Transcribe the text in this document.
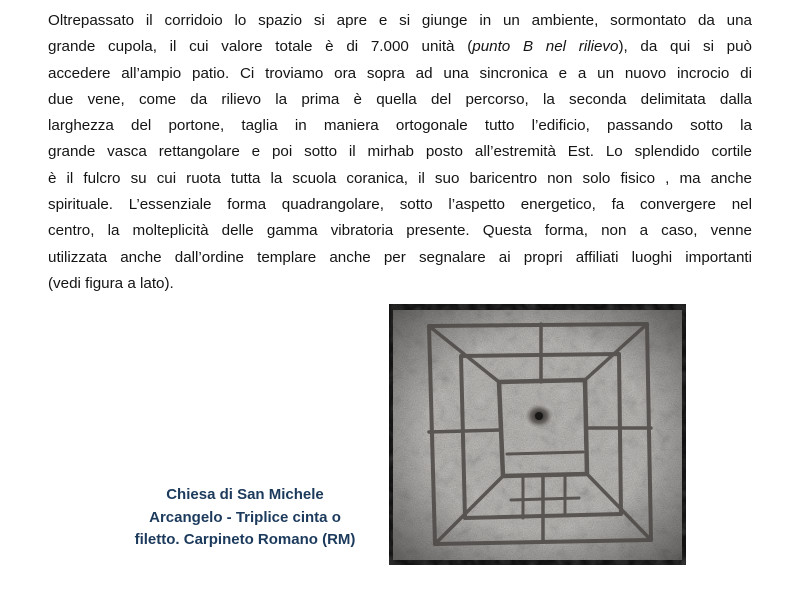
Oltrepassato il corridoio lo spazio si apre e si giunge in un ambiente, sormontato da una
grande cupola, il cui valore totale è di 7.000 unità (punto B nel rilievo), da qui si può
accedere all’ampio patio. Ci troviamo ora sopra ad una sincronica e a un nuovo incrocio di
due vene, come da rilievo la prima è quella del percorso, la seconda delimitata dalla
larghezza del portone, taglia in maniera ortogonale tutto l’edificio, passando sotto la
grande vasca rettangolare e poi sotto il mirhab posto all’estremità Est. Lo splendido cortile
è il fulcro su cui ruota tutta la scuola coranica, il suo baricentro non solo fisico , ma anche
spirituale. L’essenziale forma quadrangolare, sotto l’aspetto energetico, fa convergere nel
centro, la molteplicità delle gamma vibratoria presente. Questa forma, non a caso, venne
utilizzata anche dall’ordine templare anche per segnalare ai propri affiliati luoghi importanti
(vedi figura a lato).
Chiesa di San Michele
Arcangelo - Triplice cinta o
filetto. Carpineto Romano (RM)
